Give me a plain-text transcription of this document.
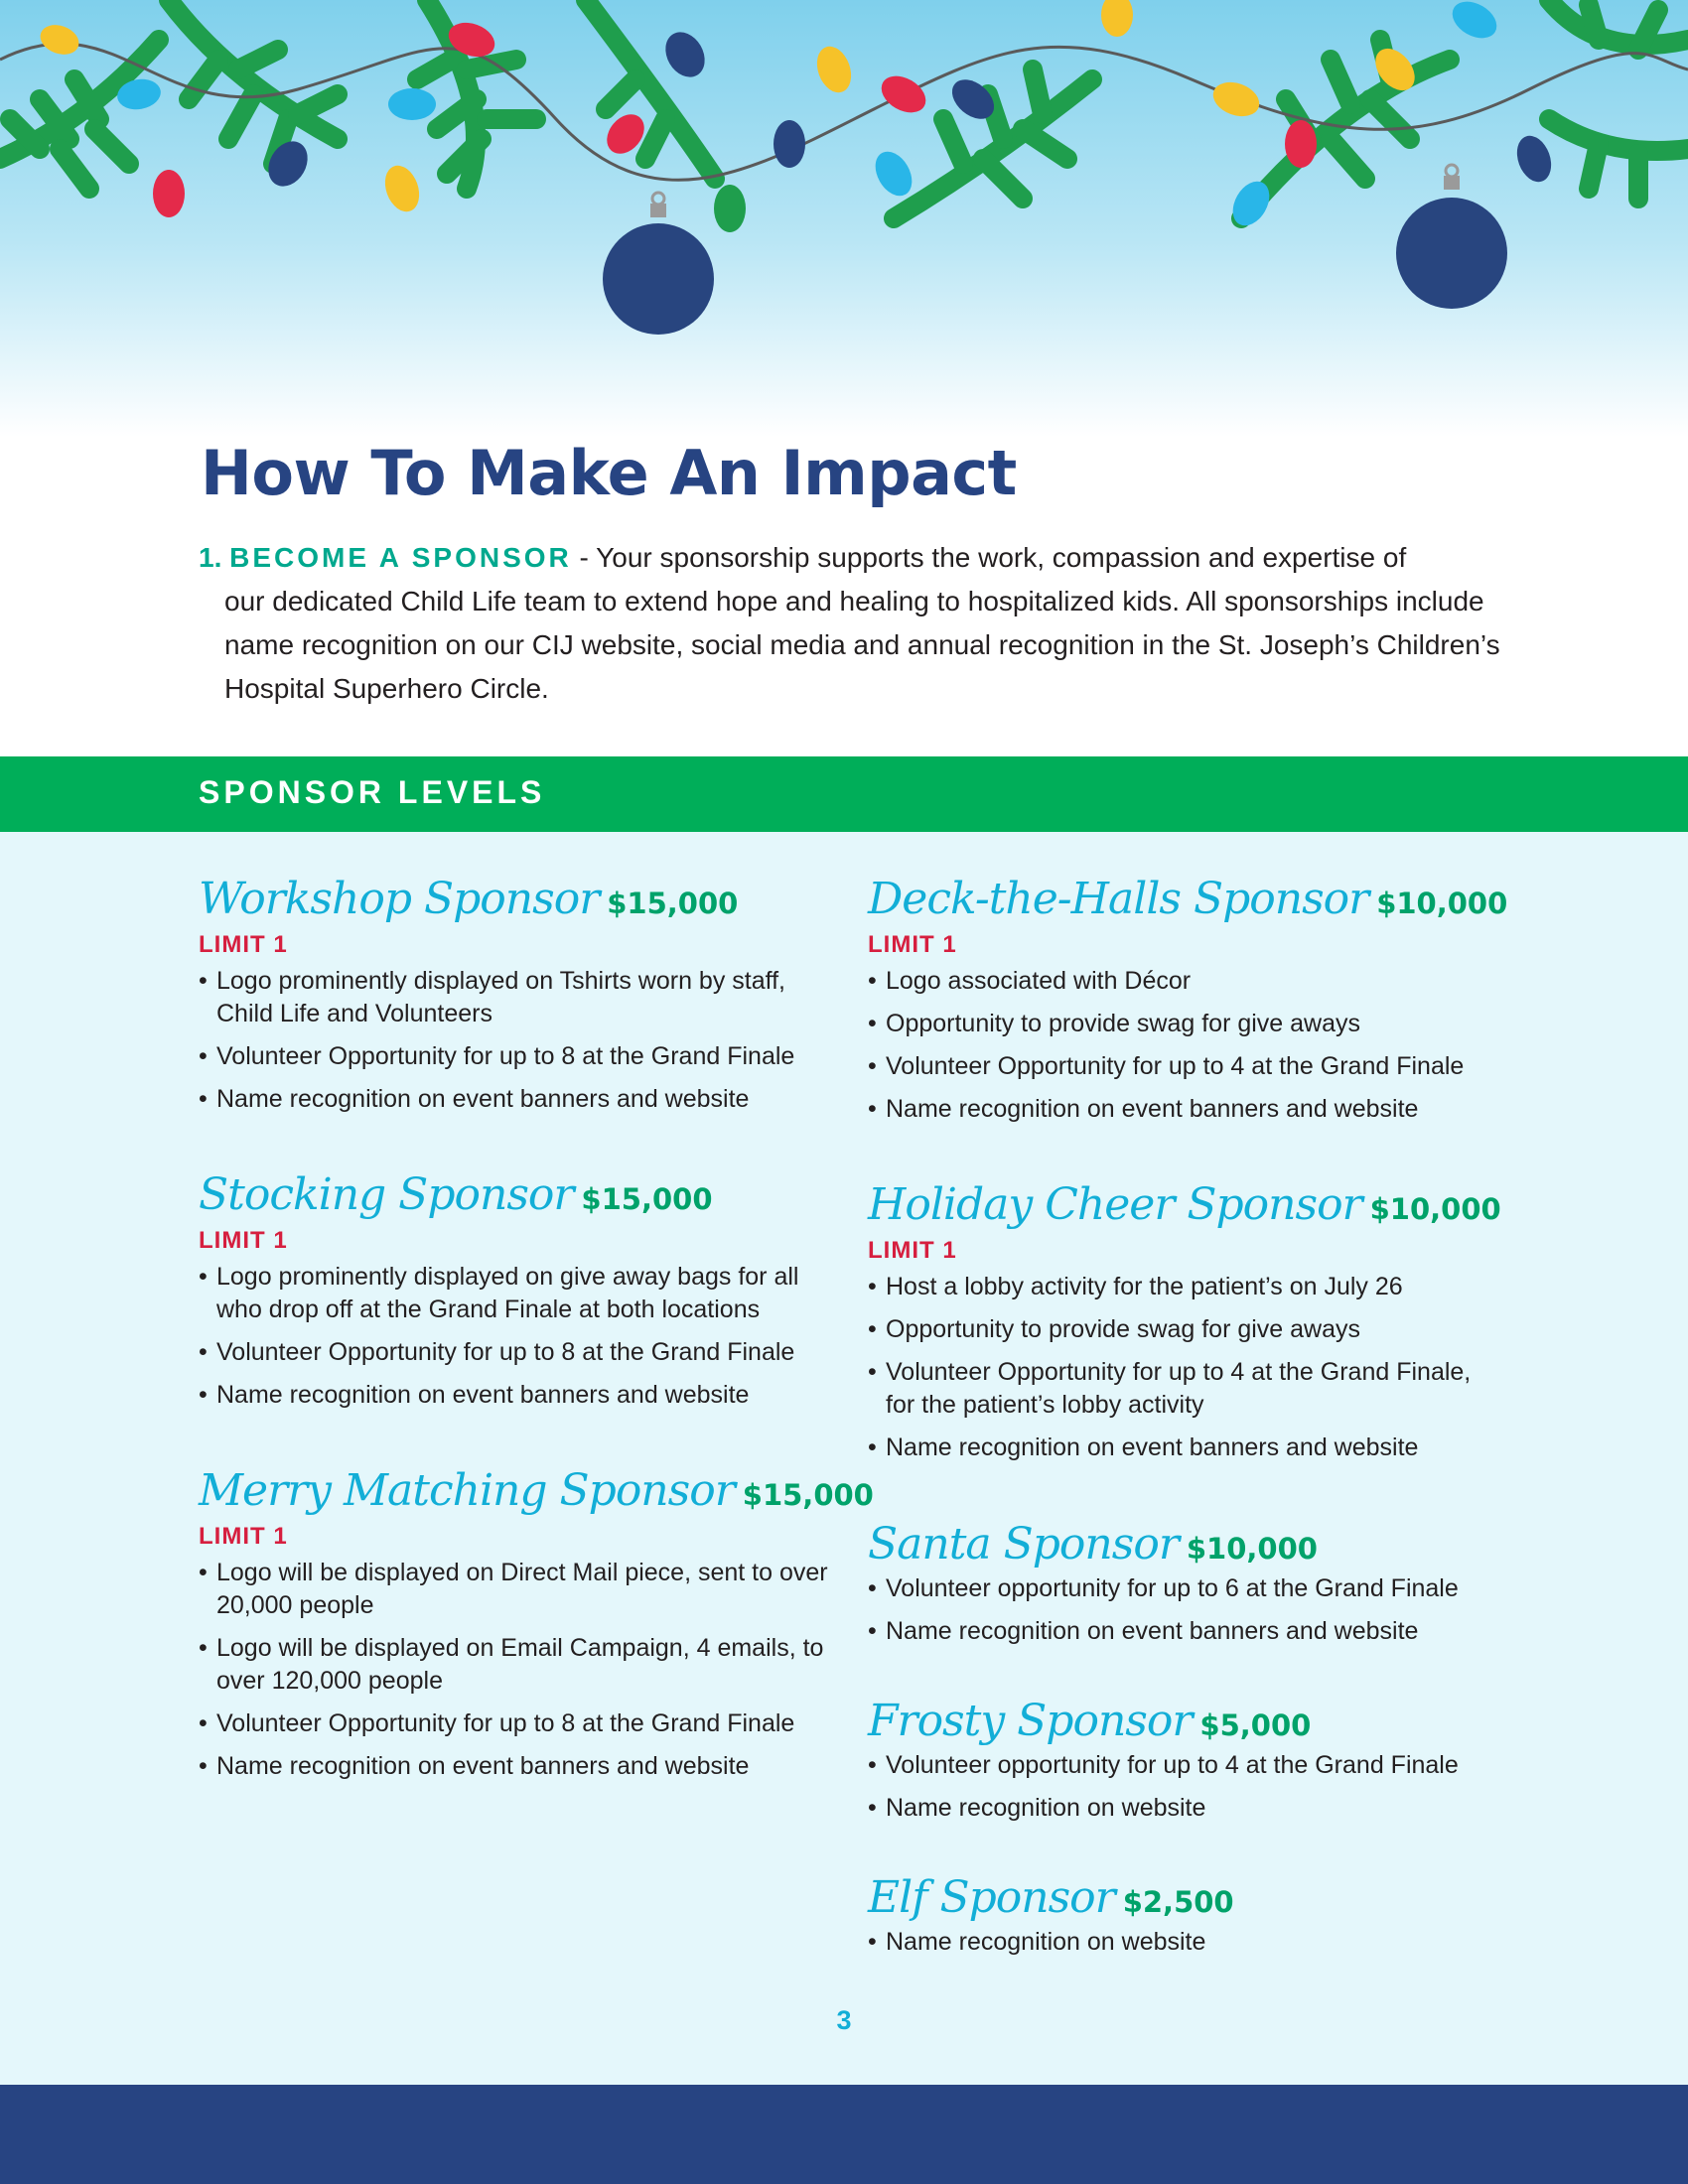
How To Make An Impact
1. BECOME A SPONSOR - Your sponsorship supports the work, compassion and expertise of
our dedicated Child Life team to extend hope and healing to hospitalized kids. All sponsorships include name recognition on our CIJ website, social media and annual recognition in the St. Joseph’s Children’s Hospital Superhero Circle.
SPONSOR LEVELS
Workshop Sponsor $15,000
LIMIT 1
• Logo prominently displayed on Tshirts worn by staff, Child Life and Volunteers
• Volunteer Opportunity for up to 8 at the Grand Finale
• Name recognition on event banners and website
Stocking Sponsor $15,000
LIMIT 1
• Logo prominently displayed on give away bags for all who drop off at the Grand Finale at both locations
• Volunteer Opportunity for up to 8 at the Grand Finale
• Name recognition on event banners and website
Merry Matching Sponsor $15,000
LIMIT 1
• Logo will be displayed on Direct Mail piece, sent to over 20,000 people
• Logo will be displayed on Email Campaign, 4 emails, to over 120,000 people
• Volunteer Opportunity for up to 8 at the Grand Finale
• Name recognition on event banners and website
Deck-the-Halls Sponsor $10,000
LIMIT 1
• Logo associated with Décor
• Opportunity to provide swag for give aways
• Volunteer Opportunity for up to 4 at the Grand Finale
• Name recognition on event banners and website
Holiday Cheer Sponsor $10,000
LIMIT 1
• Host a lobby activity for the patient’s on July 26
• Opportunity to provide swag for give aways
• Volunteer Opportunity for up to 4 at the Grand Finale, for the patient’s lobby activity
• Name recognition on event banners and website
Santa Sponsor $10,000
• Volunteer opportunity for up to 6 at the Grand Finale
• Name recognition on event banners and website
Frosty Sponsor $5,000
• Volunteer opportunity for up to 4 at the Grand Finale
• Name recognition on website
Elf Sponsor $2,500
• Name recognition on website
3
